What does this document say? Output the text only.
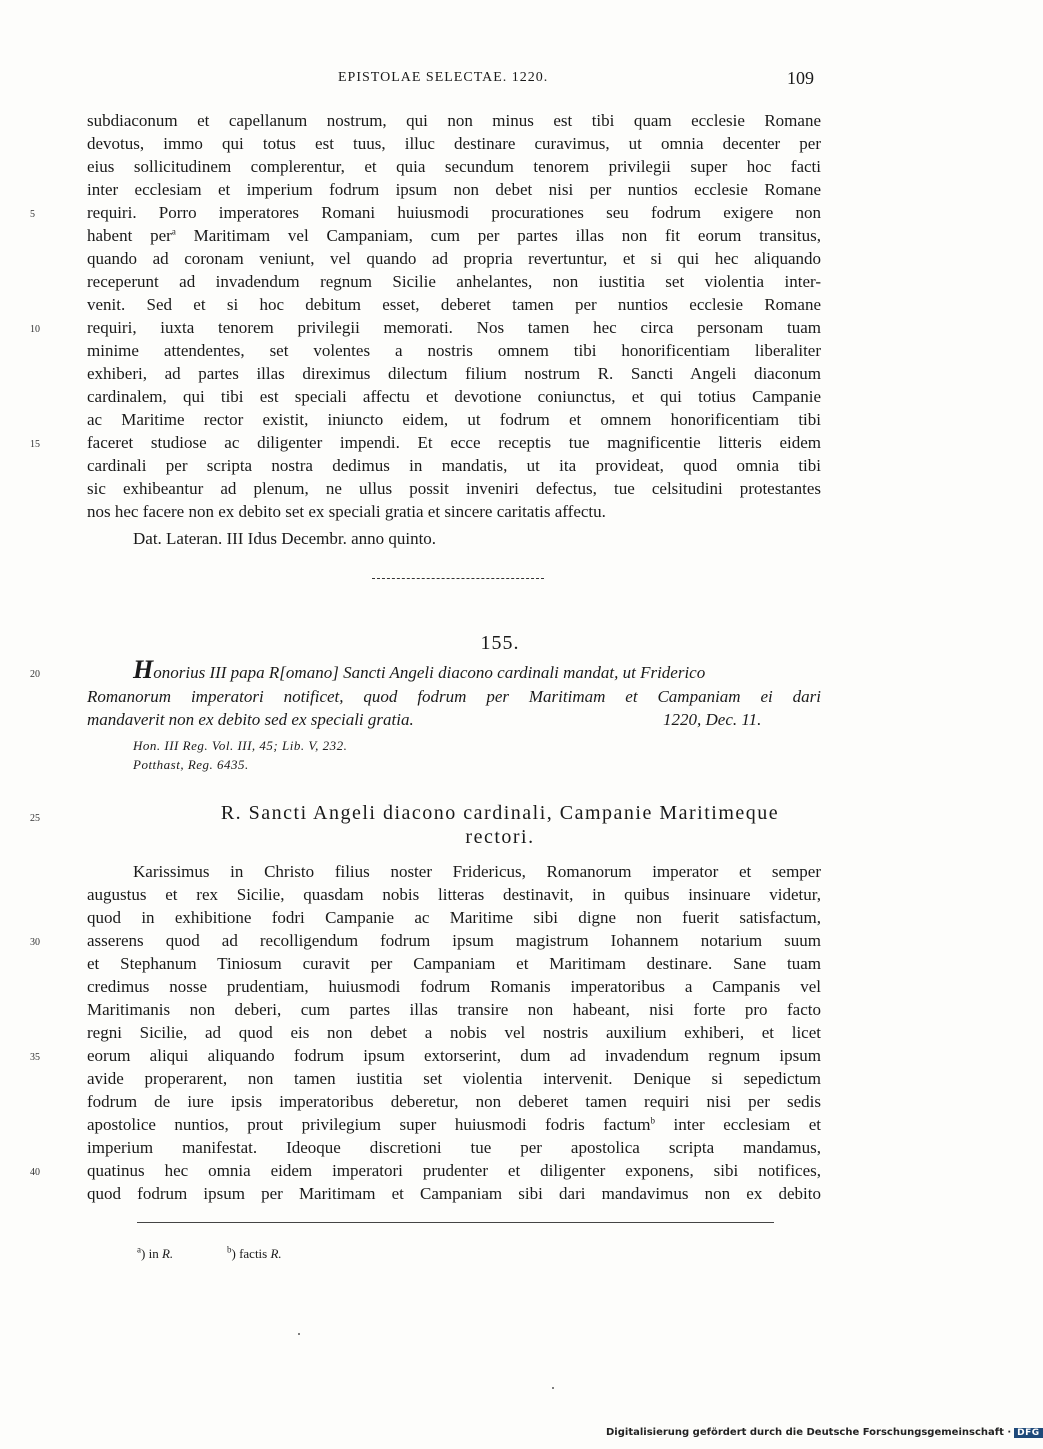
EPISTOLAE SELECTAE. 1220.	109
subdiaconum et capellanum nostrum, qui non minus est tibi quam ecclesie Romane
devotus, immo qui totus est tuus, illuc destinare curavimus, ut omnia decenter per
eius sollicitudinem complerentur, et quia secundum tenorem privilegii super hoc facti
inter ecclesiam et imperium fodrum ipsum non debet nisi per nuntios ecclesie Romane
requiri. Porro imperatores Romani huiusmodi procurationes seu fodrum exigere non
habent per$^a$ Maritimam vel Campaniam, cum per partes illas non fit eorum transitus,
quando ad coronam veniunt, vel quando ad propria revertuntur, et si qui hec aliquando
receperunt ad invadendum regnum Sicilie anhelantes, non iustitia set violentia inter-
venit. Sed et si hoc debitum esset, deberet tamen per nuntios ecclesie Romane
requiri, iuxta tenorem privilegii memorati. Nos tamen hec circa personam tuam
minime attendentes, set volentes a nostris omnem tibi honorificentiam liberaliter
exhiberi, ad partes illas direximus dilectum filium nostrum R. Sancti Angeli diaconum
cardinalem, qui tibi est speciali affectu et devotione coniunctus, et qui totius Campanie
ac Maritime rector existit, iniuncto eidem, ut fodrum et omnem honorificentiam tibi
faceret studiose ac diligenter impendi. Et ecce receptis tue magnificentie litteris eidem
cardinali per scripta nostra dedimus in mandatis, ut ita provideat, quod omnia tibi
sic exhibeantur ad plenum, ne ullus possit inveniri defectus, tue celsitudini protestantes
nos hec facere non ex debito set ex speciali gratia et sincere caritatis affectu.
Dat. Lateran. III Idus Decembr. anno quinto.
155.
Honorius III papa R[omano] Sancti Angeli diacono cardinali mandat, ut Friderico
Romanorum imperatori notificet, quod fodrum per Maritimam et Campaniam ei dari
mandaverit non ex debito sed ex speciali gratia.	1220, Dec. 11.
Hon. III Reg. Vol. III, 45; Lib. V, 232.
Potthast, Reg. 6435.
R. Sancti Angeli diacono cardinali, Campanie Maritimeque
rectori.
Karissimus in Christo filius noster Fridericus, Romanorum imperator et semper
augustus et rex Sicilie, quasdam nobis litteras destinavit, in quibus insinuare videtur,
quod in exhibitione fodri Campanie ac Maritime sibi digne non fuerit satisfactum,
asserens quod ad recolligendum fodrum ipsum magistrum Iohannem notarium suum
et Stephanum Tiniosum curavit per Campaniam et Maritimam destinare. Sane tuam
credimus nosse prudentiam, huiusmodi fodrum Romanis imperatoribus a Campanis vel
Maritimanis non deberi, cum partes illas transire non habeant, nisi forte pro facto
regni Sicilie, ad quod eis non debet a nobis vel nostris auxilium exhiberi, et licet
eorum aliqui aliquando fodrum ipsum extorserint, dum ad invadendum regnum ipsum
avide properarent, non tamen iustitia set violentia intervenit. Denique si sepedictum
fodrum de iure ipsis imperatoribus deberetur, non deberet tamen requiri nisi per sedis
apostolice nuntios, prout privilegium super huiusmodi fodris factum$^b$ inter ecclesiam et
imperium manifestat. Ideoque discretioni tue per apostolica scripta mandamus,
quatinus hec omnia eidem imperatori prudenter et diligenter exponens, sibi notifices,
quod fodrum ipsum per Maritimam et Campaniam sibi dari mandavimus non ex debito
5
10
15
20
25
30
35
40
$^a$) in R.	$^b$) factis R.
Digitalisierung gefördert durch die Deutsche Forschungsgemeinschaft · DFG
